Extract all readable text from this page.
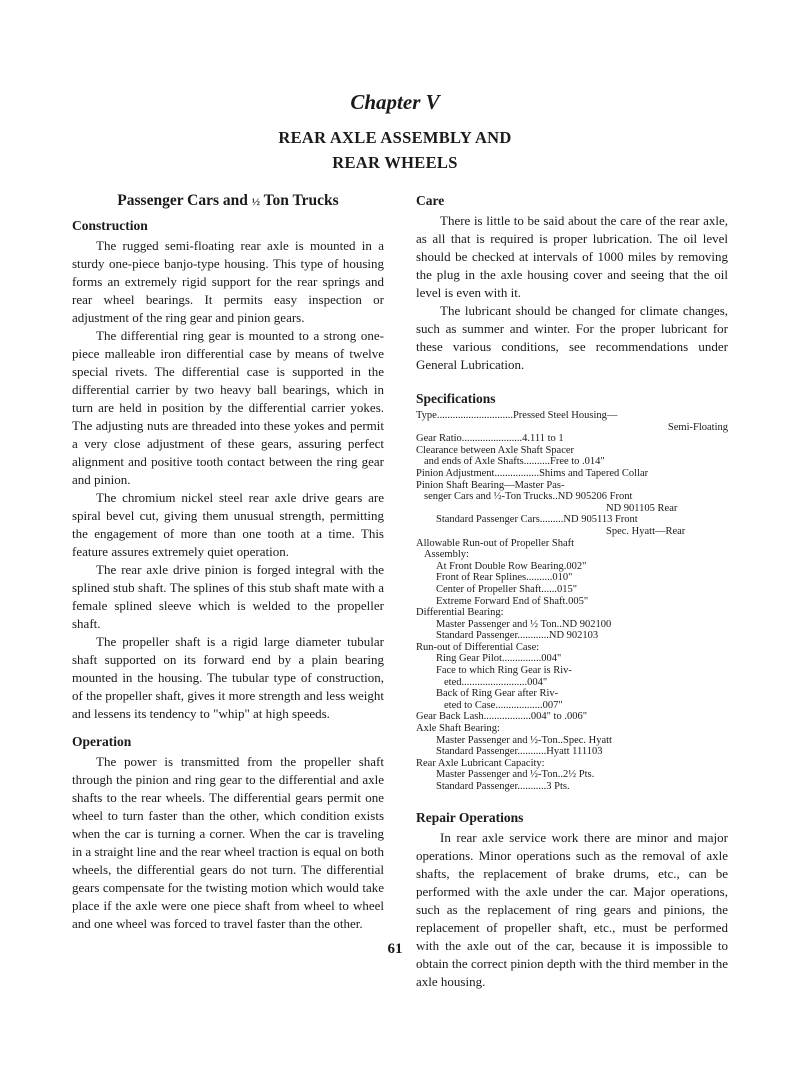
Chapter V
REAR AXLE ASSEMBLY AND
REAR WHEELS
Passenger Cars and ½ Ton Trucks
Construction

The rugged semi-floating rear axle is mounted in a sturdy one-piece banjo-type housing. This type of housing forms an extremely rigid support for the rear springs and rear wheel bearings. It permits easy inspection or adjustment of the ring gear and pinion gears.

The differential ring gear is mounted to a strong one-piece malleable iron differential case by means of twelve special rivets. The differential case is supported in the differential carrier by two heavy ball bearings, which in turn are held in position by the differential carrier yokes. The adjusting nuts are threaded into these yokes and permit a very close adjustment of these gears, assuring perfect alignment and positive tooth contact between the ring gear and pinion.

The chromium nickel steel rear axle drive gears are spiral bevel cut, giving them unusual strength, permitting the engagement of more than one tooth at a time. This feature assures extremely quiet operation.

The rear axle drive pinion is forged integral with the splined stub shaft. The splines of this stub shaft mate with a female splined sleeve which is welded to the propeller shaft.

The propeller shaft is a rigid large diameter tubular shaft supported on its forward end by a plain bearing mounted in the housing. The tubular type of construction, of the propeller shaft, gives it more strength and less weight and lessens its tendency to "whip" at high speeds.

Operation

The power is transmitted from the propeller shaft through the pinion and ring gear to the differential and axle shafts to the rear wheels. The differential gears permit one wheel to turn faster than the other, which condition exists when the car is turning a corner. When the car is traveling in a straight line and the rear wheel traction is equal on both wheels, the differential gears do not turn. The differential gears compensate for the twisting motion which would take place if the axle were one piece shaft from wheel to wheel and one wheel was forced to travel faster than the other.

Care

There is little to be said about the care of the rear axle, as all that is required is proper lubrication. The oil level should be checked at intervals of 1000 miles by removing the plug in the axle housing cover and seeing that the oil level is even with it.

The lubricant should be changed for climate changes, such as summer and winter. For the proper lubricant for these various conditions, see recommendations under General Lubrication.

Specifications
Type.............................Pressed Steel Housing—
Semi-Floating
Gear Ratio.......................4.111 to 1
Clearance between Axle Shaft Spacer
and ends of Axle Shafts..........Free to .014"
Pinion Adjustment.................Shims and Tapered Collar
Pinion Shaft Bearing—Master Pas-
senger Cars and ½-Ton Trucks..ND 905206 Front
ND 901105 Rear
Standard Passenger Cars.........ND 905113 Front
Spec. Hyatt—Rear
Allowable Run-out of Propeller Shaft
Assembly:
At Front Double Row Bearing.002"
Front of Rear Splines..........010"
Center of Propeller Shaft......015"
Extreme Forward End of Shaft.005"
Differential Bearing:
Master Passenger and ½ Ton..ND 902100
Standard Passenger............ND 902103
Run-out of Differential Case:
Ring Gear Pilot...............004"
Face to which Ring Gear is Riv-
eted.........................004"
Back of Ring Gear after Riv-
eted to Case..................007"
Gear Back Lash..................004" to .006"
Axle Shaft Bearing:
Master Passenger and ½-Ton..Spec. Hyatt
Standard Passenger...........Hyatt 111103
Rear Axle Lubricant Capacity:
Master Passenger and ½-Ton..2½ Pts.
Standard Passenger...........3 Pts.
Repair Operations

In rear axle service work there are minor and major operations. Minor operations such as the removal of axle shafts, the replacement of brake drums, etc., can be performed with the axle under the car. Major operations, such as the replacement of ring gears and pinions, the replacement of propeller shaft, etc., must be performed with the axle out of the car, because it is impossible to obtain the correct pinion depth with the third member in the axle housing.

61
